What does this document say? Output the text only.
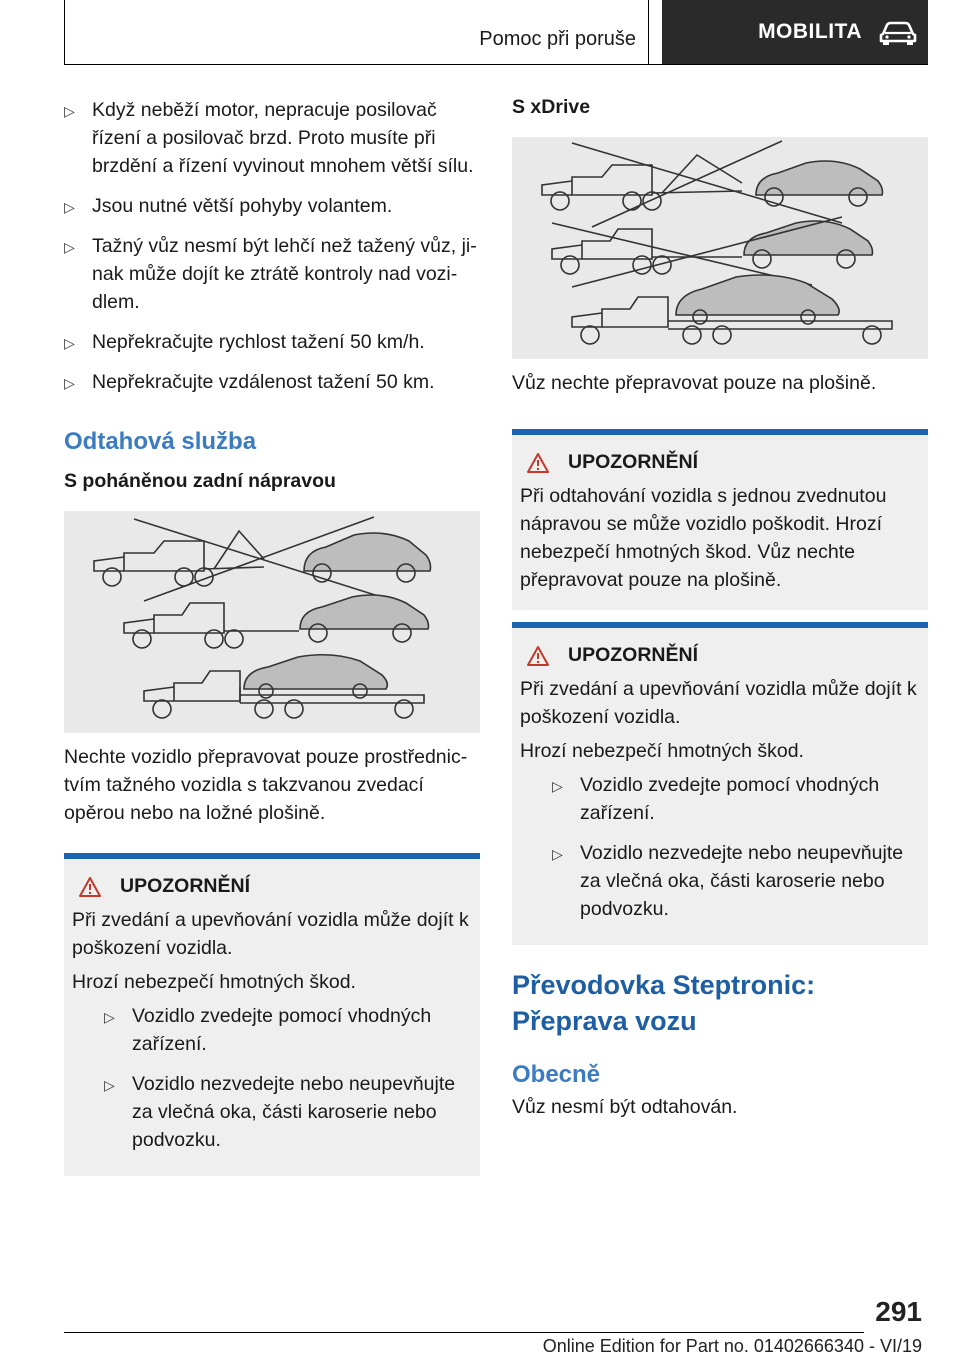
Pomoc při poruše	MOBILITA
▷ Když neběží motor, nepracuje posilovač řízení a posilovač brzd. Proto musíte při brzdění a řízení vyvinout mnohem větší sílu.
▷ Jsou nutné větší pohyby volantem.
▷ Tažný vůz nesmí být lehčí než tažený vůz, jinak může dojít ke ztrátě kontroly nad vozidlem.
▷ Nepřekračujte rychlost tažení 50 km/h.
▷ Nepřekračujte vzdálenost tažení 50 km.
Odtahová služba
S poháněnou zadní nápravou

Nechte vozidlo přepravovat pouze prostřednictvím tažného vozidla s takzvanou zvedací opěrou nebo na ložné plošině.

UPOZORNĚNÍ

Při zvedání a upevňování vozidla může dojít k poškození vozidla.

Hrozí nebezpečí hmotných škod.

▷ Vozidlo zvedejte pomocí vhodných zařízení.
▷ Vozidlo nezvedejte nebo neupevňujte za vlečná oka, části karoserie nebo podvozku.
S xDrive

Vůz nechte přepravovat pouze na plošině.

UPOZORNĚNÍ

Při odtahování vozidla s jednou zvednutou nápravou se může vozidlo poškodit. Hrozí nebezpečí hmotných škod. Vůz nechte přepravovat pouze na plošině.

UPOZORNĚNÍ

Při zvedání a upevňování vozidla může dojít k poškození vozidla.

Hrozí nebezpečí hmotných škod.

▷ Vozidlo zvedejte pomocí vhodných zařízení.
▷ Vozidlo nezvedejte nebo neupevňujte za vlečná oka, části karoserie nebo podvozku.
Převodovka Steptronic: Přeprava vozu
Obecně

Vůz nesmí být odtahován.

291
Online Edition for Part no. 01402666340 - VI/19
